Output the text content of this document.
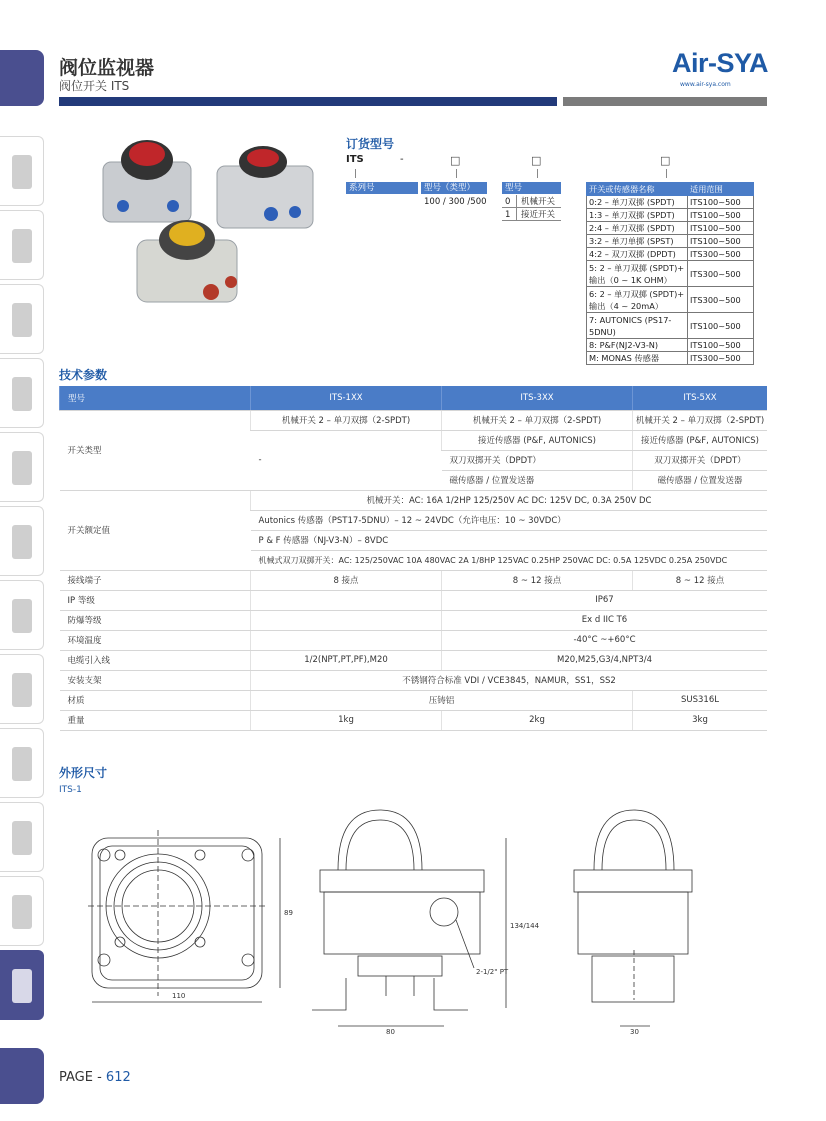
阀位监视器
阀位开关 ITS
Air-SYA
www.air-sya.com
订货型号
ITS	-	□	□	□
系列号	型号（类型）
100 / 300 /500
型号
0 机械开关
1 接近开关
开关或传感器名称	适用范围
0:2 – 单刀双掷 (SPDT)	ITS100~500
1:3 – 单刀双掷 (SPDT)	ITS100~500
2:4 – 单刀双掷 (SPDT)	ITS100~500
3:2 – 单刀单掷 (SPST)	ITS100~500
4:2 – 双刀双掷 (DPDT)	ITS300~500
5: 2 – 单刀双掷 (SPDT)+ 输出（0 ~ 1K OHM）	ITS300~500
6: 2 – 单刀双掷 (SPDT)+ 输出（4 ~ 20mA）	ITS300~500
7: AUTONICS (PS17-5DNU)	ITS100~500
8: P&F(NJ2-V3-N)	ITS100~500
M: MONAS 传感器	ITS300~500
技术参数
型号	ITS-1XX	ITS-3XX	ITS-5XX
开关类型	机械开关 2 – 单刀双掷（2-SPDT)	机械开关 2 – 单刀双掷（2-SPDT)	机械开关 2 – 单刀双掷（2-SPDT)
	-	接近传感器 (P&F, AUTONICS)	接近传感器 (P&F, AUTONICS)
		双刀双掷开关（DPDT）	双刀双掷开关（DPDT）
		磁传感器 / 位置发送器	磁传感器 / 位置发送器
开关额定值	机械开关：AC: 16A 1/2HP 125/250V AC DC: 125V DC, 0.3A 250V DC		
	Autonics 传感器（PST17-5DNU）– 12 ~ 24VDC（允许电压：10 ~ 30VDC）		
	P & F 传感器（NJ-V3-N）– 8VDC		
	机械式双刀双掷开关：AC: 125/250VAC 10A 480VAC 2A 1/8HP 125VAC 0.25HP 250VAC DC: 0.5A 125VDC 0.25A 250VDC		
接线端子	8 接点	8 ~ 12 接点	8 ~ 12 接点
IP 等级		IP67	
防爆等级		Ex d IIC T6	
环境温度		-40°C ~+60°C	
电缆引入线	1/2(NPT,PT,PF),M20	M20,M25,G3/4,NPT3/4	
安装支架	不锈钢符合标准 VDI / VCE3845，NAMUR，SS1，SS2		
材质	压铸铝		SUS316L
重量	1kg	2kg	3kg
外形尺寸
ITS-1
110
89
80
134/144
2-1/2" PT
30
PAGE - 612
